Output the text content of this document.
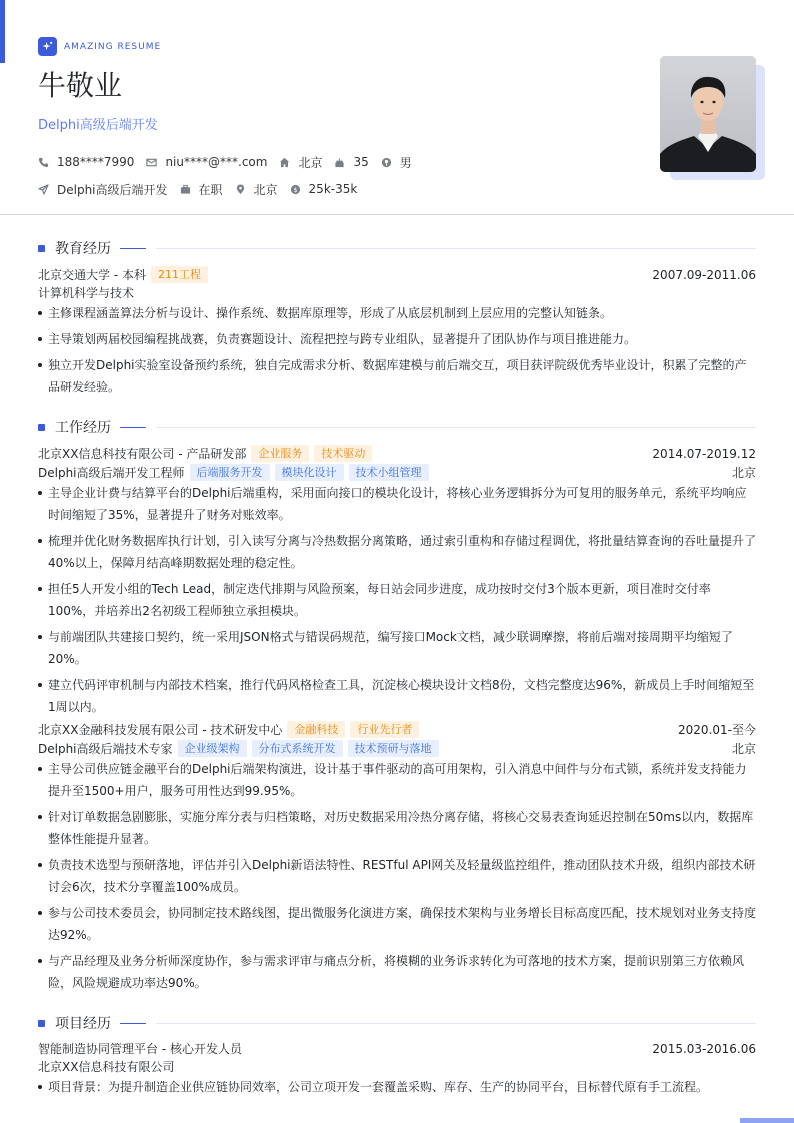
AMAZING RESUME
牛敬业
Delphi高级后端开发
188****7990	niu****@***.com	北京	35	男
Delphi高级后端开发	在职	北京 $ 25k-35k
教育经历
北京交通大学 - 本科	211工程	2007.09-2011.06
计算机科学与技术
主修课程涵盖算法分析与设计、操作系统、数据库原理等，形成了从底层机制到上层应用的完整认知链条。
主导策划两届校园编程挑战赛，负责赛题设计、流程把控与跨专业组队，显著提升了团队协作与项目推进能力。
独立开发Delphi实验室设备预约系统，独自完成需求分析、数据库建模与前后端交互，项目获评院级优秀毕业设计，积累了完整的产品研发经验。
工作经历
北京XX信息科技有限公司 - 产品研发部	企业服务	技术驱动	2014.07-2019.12
Delphi高级后端开发工程师	后端服务开发	模块化设计	技术小组管理	北京
主导企业计费与结算平台的Delphi后端重构，采用面向接口的模块化设计，将核心业务逻辑拆分为可复用的服务单元，系统平均响应时间缩短了35%，显著提升了财务对账效率。
梳理并优化财务数据库执行计划，引入读写分离与冷热数据分离策略，通过索引重构和存储过程调优，将批量结算查询的吞吐量提升了40%以上，保障月结高峰期数据处理的稳定性。
担任5人开发小组的Tech Lead，制定迭代排期与风险预案，每日站会同步进度，成功按时交付3个版本更新，项目准时交付率100%，并培养出2名初级工程师独立承担模块。
与前端团队共建接口契约，统一采用JSON格式与错误码规范，编写接口Mock文档，减少联调摩擦，将前后端对接周期平均缩短了20%。
建立代码评审机制与内部技术档案，推行代码风格检查工具，沉淀核心模块设计文档8份，文档完整度达96%，新成员上手时间缩短至1周以内。
北京XX金融科技发展有限公司 - 技术研发中心	金融科技	行业先行者	2020.01-至今
Delphi高级后端技术专家	企业级架构	分布式系统开发	技术预研与落地	北京
主导公司供应链金融平台的Delphi后端架构演进，设计基于事件驱动的高可用架构，引入消息中间件与分布式锁，系统并发支持能力提升至1500+用户，服务可用性达到99.95%。
针对订单数据急剧膨胀，实施分库分表与归档策略，对历史数据采用冷热分离存储，将核心交易表查询延迟控制在50ms以内，数据库整体性能提升显著。
负责技术选型与预研落地，评估并引入Delphi新语法特性、RESTful API网关及轻量级监控组件，推动团队技术升级，组织内部技术研讨会6次，技术分享覆盖100%成员。
参与公司技术委员会，协同制定技术路线图，提出微服务化演进方案，确保技术架构与业务增长目标高度匹配，技术规划对业务支持度达92%。
与产品经理及业务分析师深度协作，参与需求评审与痛点分析，将模糊的业务诉求转化为可落地的技术方案，提前识别第三方依赖风险，风险规避成功率达90%。
项目经历
智能制造协同管理平台 - 核心开发人员	2015.03-2016.06
北京XX信息科技有限公司
项目背景：为提升制造企业供应链协同效率，公司立项开发一套覆盖采购、库存、生产的协同平台，目标替代原有手工流程。
